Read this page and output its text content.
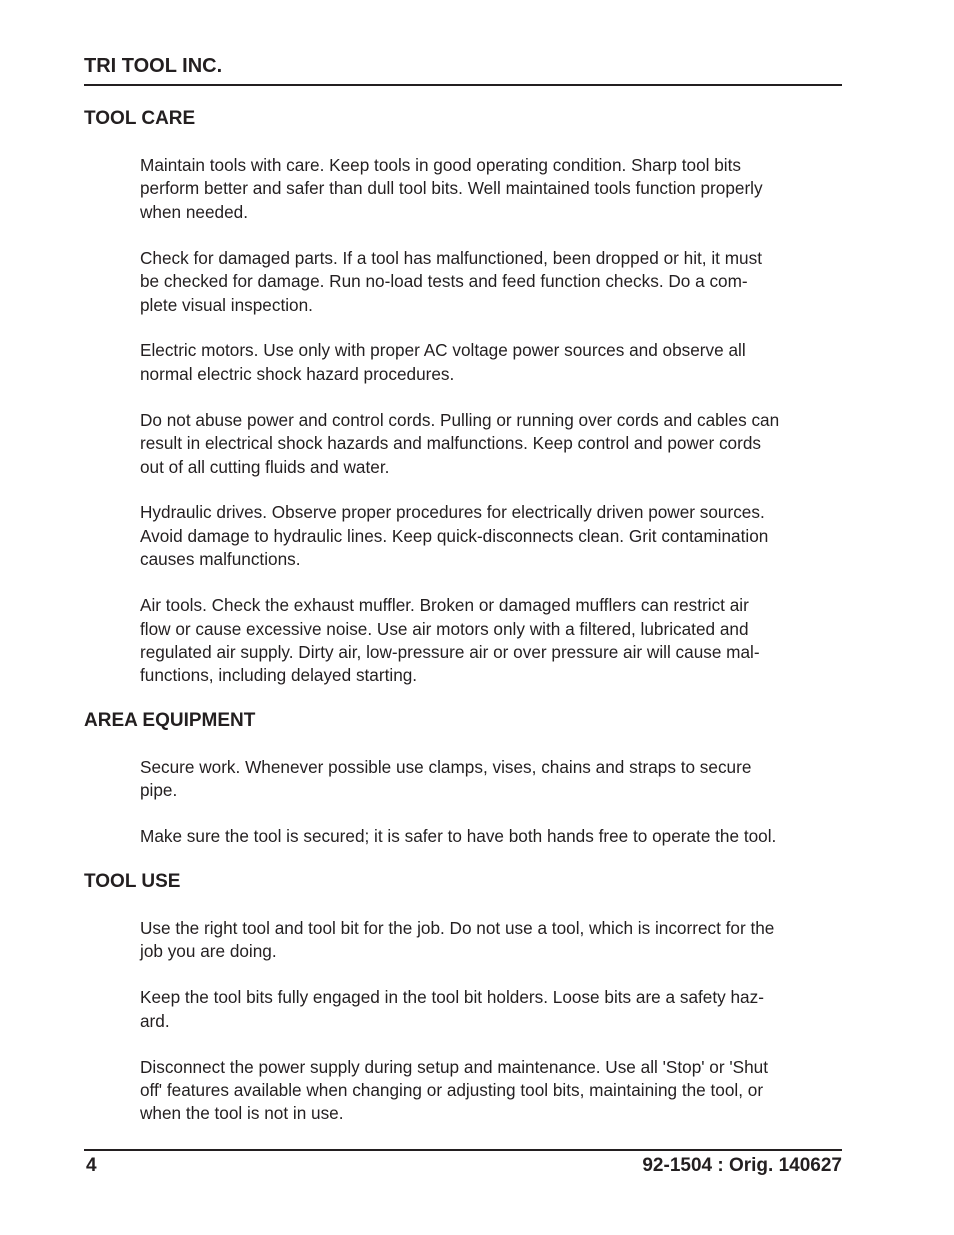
TRI TOOL INC.
TOOL CARE

Maintain tools with care. Keep tools in good operating condition. Sharp tool bits
perform better and safer than dull tool bits. Well maintained tools function properly
when needed.

Check for damaged parts. If a tool has malfunctioned, been dropped or hit, it must
be checked for damage. Run no-load tests and feed function checks. Do a com-
plete visual inspection.

Electric motors. Use only with proper AC voltage power sources and observe all
normal electric shock hazard procedures.

Do not abuse power and control cords. Pulling or running over cords and cables can
result in electrical shock hazards and malfunctions. Keep control and power cords
out of all cutting fluids and water.

Hydraulic drives. Observe proper procedures for electrically driven power sources.
Avoid damage to hydraulic lines. Keep quick-disconnects clean. Grit contamination
causes malfunctions.

Air tools. Check the exhaust muffler. Broken or damaged mufflers can restrict air
flow or cause excessive noise. Use air motors only with a filtered, lubricated and
regulated air supply. Dirty air, low-pressure air or over pressure air will cause mal-
functions, including delayed starting.

AREA EQUIPMENT

Secure work. Whenever possible use clamps, vises, chains and straps to secure
pipe.

Make sure the tool is secured; it is safer to have both hands free to operate the tool.

TOOL USE

Use the right tool and tool bit for the job. Do not use a tool, which is incorrect for the
job you are doing.

Keep the tool bits fully engaged in the tool bit holders. Loose bits are a safety haz-
ard.

Disconnect the power supply during setup and maintenance. Use all 'Stop' or 'Shut
off' features available when changing or adjusting tool bits, maintaining the tool, or
when the tool is not in use.

4	92-1504 : Orig. 140627
